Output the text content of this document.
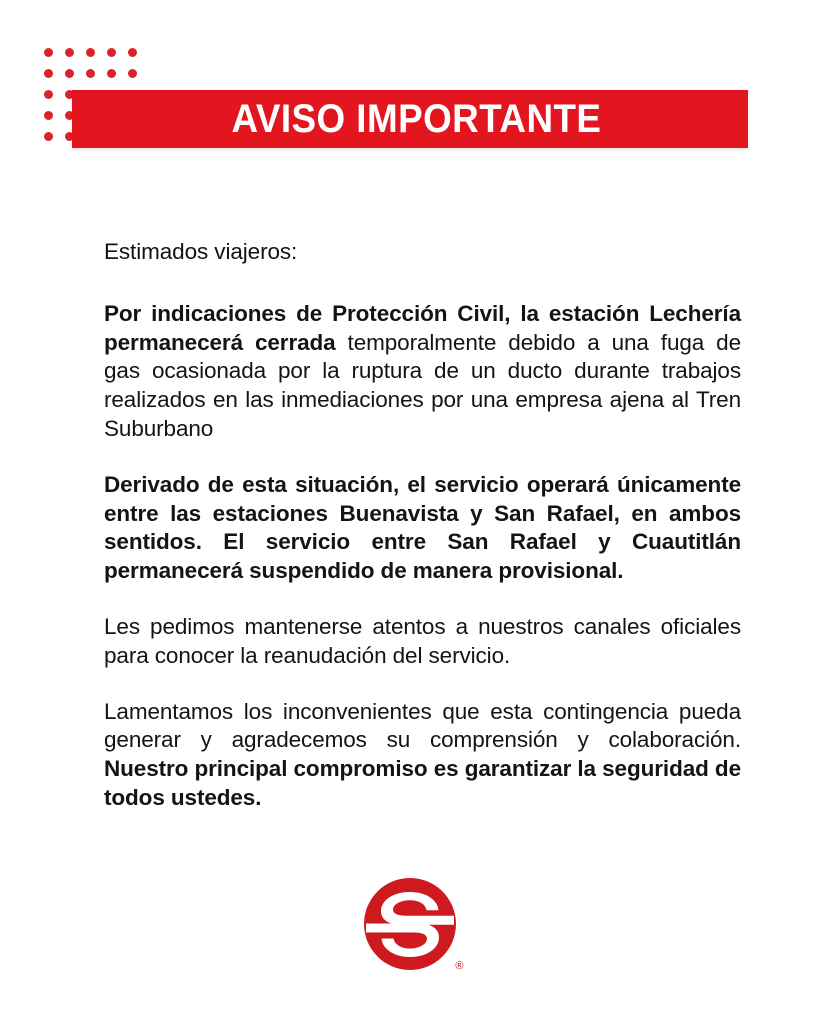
AVISO IMPORTANTE

Estimados viajeros:

Por indicaciones de Protección Civil, la estación Lechería permanecerá cerrada temporalmente debido a una fuga de gas ocasionada por la ruptura de un ducto durante trabajos realizados en las inmediaciones por una empresa ajena al Tren Suburbano

Derivado de esta situación, el servicio operará únicamente entre las estaciones Buenavista y San Rafael, en ambos sentidos. El servicio entre San Rafael y Cuautitlán permanecerá suspendido de manera provisional.

Les pedimos mantenerse atentos a nuestros canales oficiales para conocer la reanudación del servicio.

Lamentamos los inconvenientes que esta contingencia pueda generar y agradecemos su comprensión y colaboración. Nuestro principal compromiso es garantizar la seguridad de todos ustedes.

®
